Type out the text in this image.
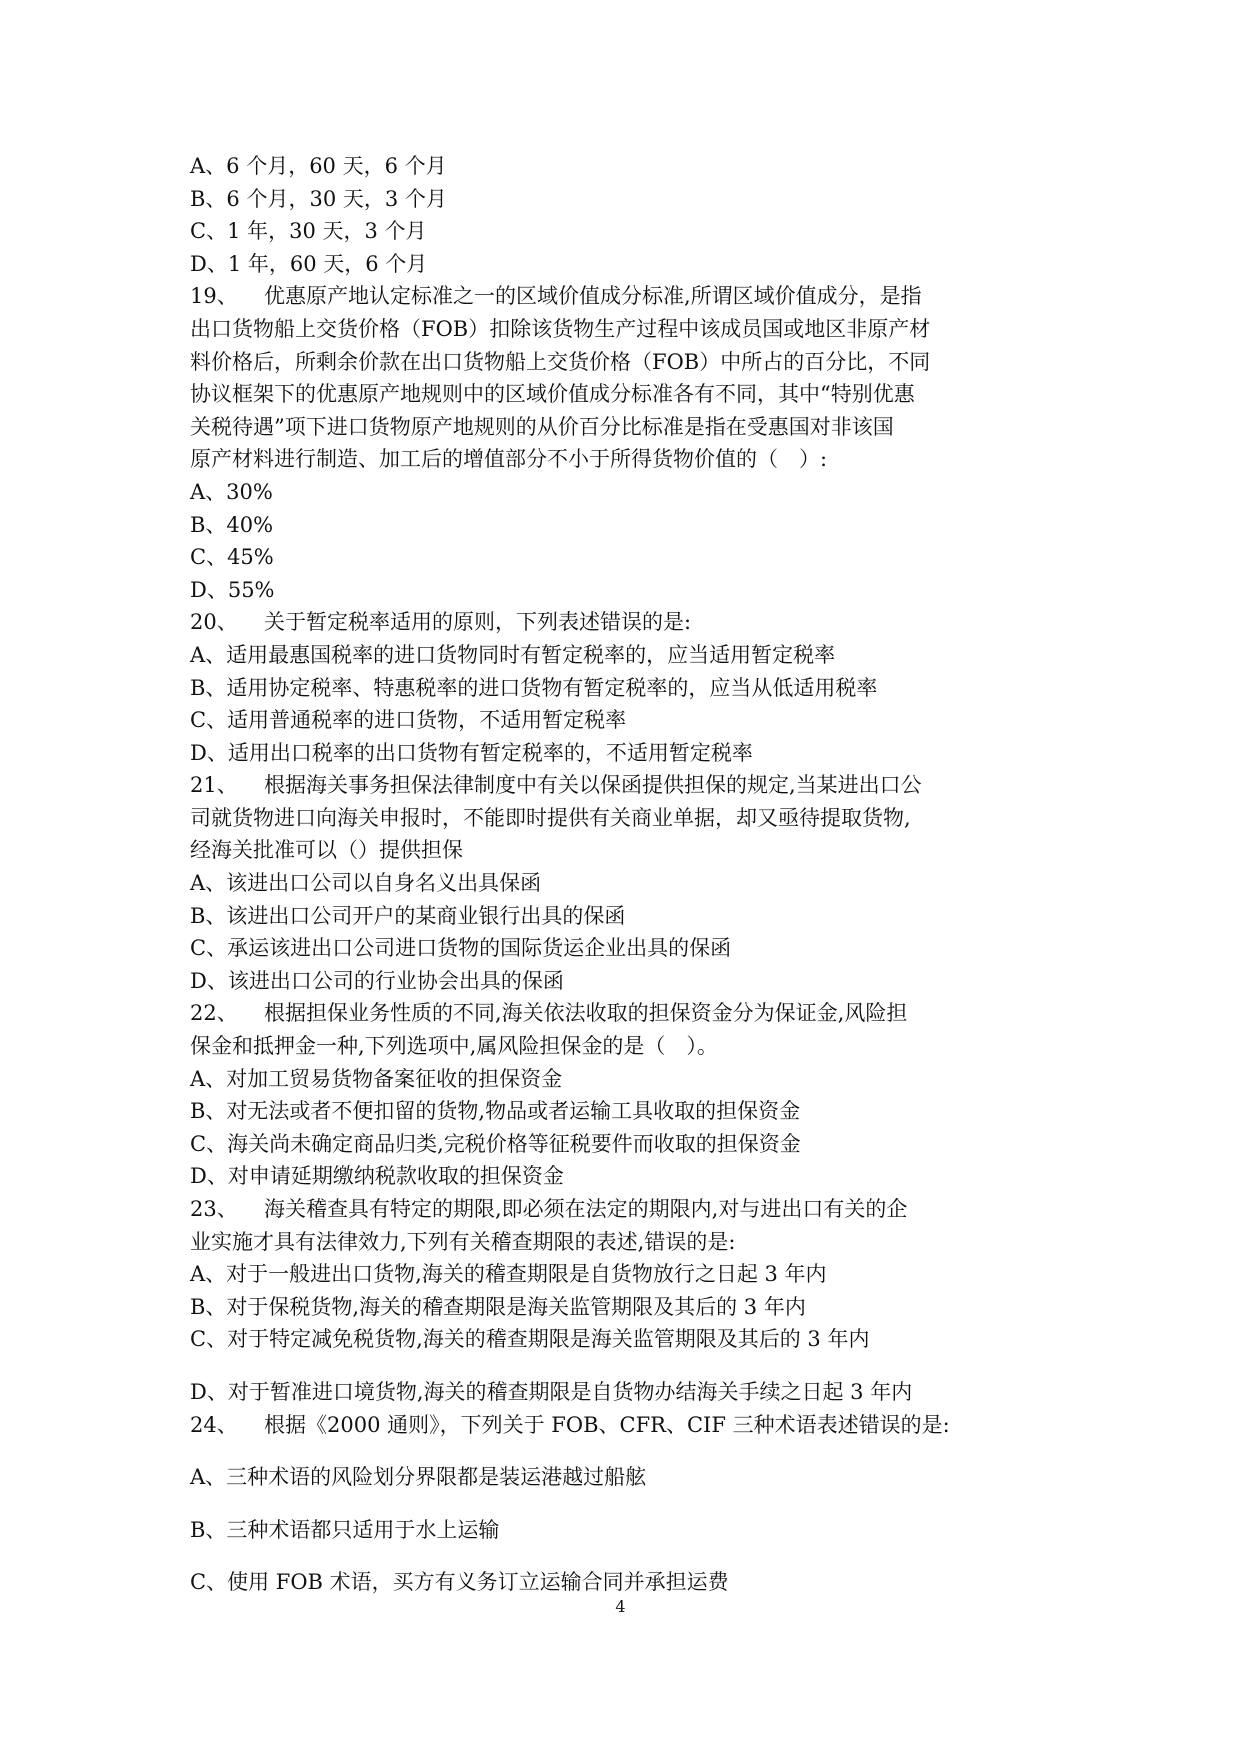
A、6 个月，60 天，6 个月
B、6 个月，30 天，3 个月
C、1 年，30 天，3 个月
D、1 年，60 天，6 个月
19、 优惠原产地认定标准之一的区域价值成分标准,所谓区域价值成分，是指
出口货物船上交货价格（FOB）扣除该货物生产过程中该成员国或地区非原产材
料价格后，所剩余价款在出口货物船上交货价格（FOB）中所占的百分比，不同
协议框架下的优惠原产地规则中的区域价值成分标准各有不同，其中“特别优惠
关税待遇”项下进口货物原产地规则的从价百分比标准是指在受惠国对非该国
原产材料进行制造、加工后的增值部分不小于所得货物价值的（　）:
A、30%
B、40%
C、45%
D、55%
20、 关于暂定税率适用的原则，下列表述错误的是:
A、适用最惠国税率的进口货物同时有暂定税率的，应当适用暂定税率
B、适用协定税率、特惠税率的进口货物有暂定税率的，应当从低适用税率
C、适用普通税率的进口货物，不适用暂定税率
D、适用出口税率的出口货物有暂定税率的，不适用暂定税率
21、 根据海关事务担保法律制度中有关以保函提供担保的规定,当某进出口公
司就货物进口向海关申报时，不能即时提供有关商业单据，却又亟待提取货物,
经海关批准可以（）提供担保
A、该进出口公司以自身名义出具保函
B、该进出口公司开户的某商业银行出具的保函
C、承运该进出口公司进口货物的国际货运企业出具的保函
D、该进出口公司的行业协会出具的保函
22、 根据担保业务性质的不同,海关依法收取的担保资金分为保证金,风险担
保金和抵押金一种,下列选项中,属风险担保金的是（　）。
A、对加工贸易货物备案征收的担保资金
B、对无法或者不便扣留的货物,物品或者运输工具收取的担保资金
C、海关尚未确定商品归类,完税价格等征税要件而收取的担保资金
D、对申请延期缴纳税款收取的担保资金
23、 海关稽查具有特定的期限,即必须在法定的期限内,对与进出口有关的企
业实施才具有法律效力,下列有关稽查期限的表述,错误的是:
A、对于一般进出口货物,海关的稽查期限是自货物放行之日起 3 年内
B、对于保税货物,海关的稽查期限是海关监管期限及其后的 3 年内
C、对于特定减免税货物,海关的稽查期限是海关监管期限及其后的 3 年内
D、对于暂准进口境货物,海关的稽查期限是自货物办结海关手续之日起 3 年内
24、 根据《2000 通则》，下列关于 FOB、CFR、CIF 三种术语表述错误的是:
A、三种术语的风险划分界限都是装运港越过船舷
B、三种术语都只适用于水上运输
C、使用 FOB 术语，买方有义务订立运输合同并承担运费
4
